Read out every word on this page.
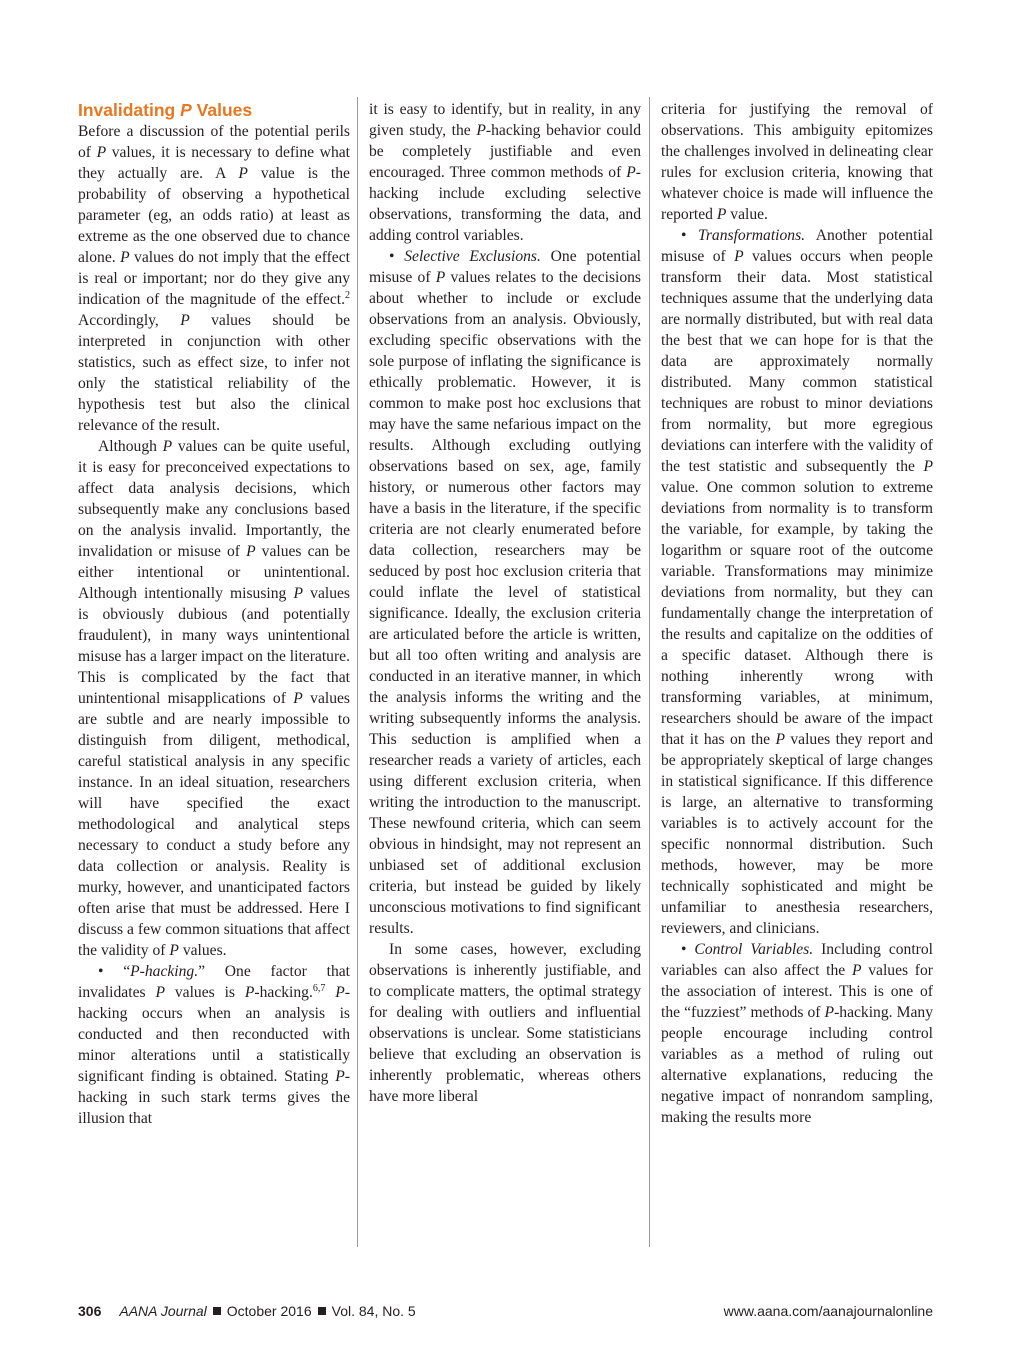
Invalidating P Values

Before a discussion of the potential perils of P values, it is necessary to define what they actually are. A P value is the probability of observing a hypothetical parameter (eg, an odds ratio) at least as extreme as the one observed due to chance alone. P values do not imply that the effect is real or important; nor do they give any indication of the magnitude of the effect.$^2$ Accordingly, P values should be interpreted in conjunction with other statistics, such as effect size, to infer not only the statistical reliability of the hypothesis test but also the clinical relevance of the result.

Although P values can be quite useful, it is easy for preconceived expectations to affect data analysis decisions, which subsequently make any conclusions based on the analysis invalid. Importantly, the invalidation or misuse of P values can be either intentional or unintentional. Although intentionally misusing P values is obviously dubious (and potentially fraudulent), in many ways unintentional misuse has a larger impact on the literature. This is complicated by the fact that unintentional misapplications of P values are subtle and are nearly impossible to distinguish from diligent, methodical, careful statistical analysis in any specific instance. In an ideal situation, researchers will have specified the exact methodological and analytical steps necessary to conduct a study before any data collection or analysis. Reality is murky, however, and unanticipated factors often arise that must be addressed. Here I discuss a few common situations that affect the validity of P values.

• “P-hacking.” One factor that invalidates P values is P-hacking.$^{6,7}$ P-hacking occurs when an analysis is conducted and then reconducted with minor alterations until a statistically significant finding is obtained. Stating P-hacking in such stark terms gives the illusion that

it is easy to identify, but in reality, in any given study, the P-hacking behavior could be completely justifiable and even encouraged. Three common methods of P-hacking include excluding selective observations, transforming the data, and adding control variables.

• Selective Exclusions. One potential misuse of P values relates to the decisions about whether to include or exclude observations from an analysis. Obviously, excluding specific observations with the sole purpose of inflating the significance is ethically problematic. However, it is common to make post hoc exclusions that may have the same nefarious impact on the results. Although excluding outlying observations based on sex, age, family history, or numerous other factors may have a basis in the literature, if the specific criteria are not clearly enumerated before data collection, researchers may be seduced by post hoc exclusion criteria that could inflate the level of statistical significance. Ideally, the exclusion criteria are articulated before the article is written, but all too often writing and analysis are conducted in an iterative manner, in which the analysis informs the writing and the writing subsequently informs the analysis. This seduction is amplified when a researcher reads a variety of articles, each using different exclusion criteria, when writing the introduction to the manuscript. These newfound criteria, which can seem obvious in hindsight, may not represent an unbiased set of additional exclusion criteria, but instead be guided by likely unconscious motivations to find significant results.

In some cases, however, excluding observations is inherently justifiable, and to complicate matters, the optimal strategy for dealing with outliers and influential observations is unclear. Some statisticians believe that excluding an observation is inherently problematic, whereas others have more liberal

criteria for justifying the removal of observations. This ambiguity epitomizes the challenges involved in delineating clear rules for exclusion criteria, knowing that whatever choice is made will influence the reported P value.

• Transformations. Another potential misuse of P values occurs when people transform their data. Most statistical techniques assume that the underlying data are normally distributed, but with real data the best that we can hope for is that the data are approximately normally distributed. Many common statistical techniques are robust to minor deviations from normality, but more egregious deviations can interfere with the validity of the test statistic and subsequently the P value. One common solution to extreme deviations from normality is to transform the variable, for example, by taking the logarithm or square root of the outcome variable. Transformations may minimize deviations from normality, but they can fundamentally change the interpretation of the results and capitalize on the oddities of a specific dataset. Although there is nothing inherently wrong with transforming variables, at minimum, researchers should be aware of the impact that it has on the P values they report and be appropriately skeptical of large changes in statistical significance. If this difference is large, an alternative to transforming variables is to actively account for the specific nonnormal distribution. Such methods, however, may be more technically sophisticated and might be unfamiliar to anesthesia researchers, reviewers, and clinicians.

• Control Variables. Including control variables can also affect the P values for the association of interest. This is one of the “fuzziest” methods of P-hacking. Many people encourage including control variables as a method of ruling out alternative explanations, reducing the negative impact of nonrandom sampling, making the results more

306 AANA Journal October 2016 Vol. 84, No. 5	www.aana.com/aanajournalonline
